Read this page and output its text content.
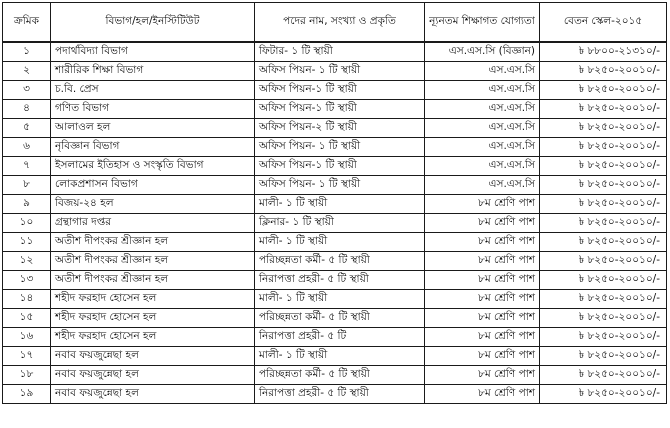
ক্রমিক	বিভাগ/হল/ইনস্টিটিউট	পদের নাম, সংখ্যা ও প্রকৃতি	ন্যূনতম শিক্ষাগত যোগ্যতা	বেতন স্কেল-২০১৫
১	পদার্থবিদ্যা বিভাগ	ফিটার- ১ টি স্থায়ী	এস.এস.সি (বিজ্ঞান)	৳ ৮৮০০-২১৩১০/-
২	শারীরিক শিক্ষা বিভাগ	অফিস পিয়ন- ১ টি স্থায়ী	এস.এস.সি	৳ ৮২৫০-২০০১০/-
৩	চ.বি. প্রেস	অফিস পিয়ন-১ টি স্থায়ী	এস.এস.সি	৳ ৮২৫০-২০০১০/-
৪	গণিত বিভাগ	অফিস পিয়ন-১ টি স্থায়ী	এস.এস.সি	৳ ৮২৫০-২০০১০/-
৫	আলাওল হল	অফিস পিয়ন-২ টি স্থায়ী	এস.এস.সি	৳ ৮২৫০-২০০১০/-
৬	নৃবিজ্ঞান বিভাগ	অফিস পিয়ন- ১ টি স্থায়ী	এস.এস.সি	৳ ৮২৫০-২০০১০/-
৭	ইসলামের ইতিহাস ও সংস্কৃতি বিভাগ	অফিস পিয়ন-১ টি স্থায়ী	এস.এস.সি	৳ ৮২৫০-২০০১০/-
৮	লোকপ্রশাসন বিভাগ	অফিস পিয়ন- ১ টি স্থায়ী	এস.এস.সি	৳ ৮২৫০-২০০১০/-
৯	বিজয়-২৪ হল	মালী- ১ টি স্থায়ী	৮ম শ্রেণি পাশ	৳ ৮২৫০-২০০১০/-
১০	গ্রন্থাগার দপ্তর	ক্লিনার- ১ টি স্থায়ী	৮ম শ্রেণি পাশ	৳ ৮২৫০-২০০১০/-
১১	অতীশ দীপংকর শ্রীজ্ঞান হল	মালী- ১ টি স্থায়ী	৮ম শ্রেণি পাশ	৳ ৮২৫০-২০০১০/-
১২	অতীশ দীপংকর শ্রীজ্ঞান হল	পরিচ্ছন্নতা কর্মী- ৫ টি স্থায়ী	৮ম শ্রেণি পাশ	৳ ৮২৫০-২০০১০/-
১৩	অতীশ দীপংকর শ্রীজ্ঞান হল	নিরাপত্তা প্রহরী- ৫ টি স্থায়ী	৮ম শ্রেণি পাশ	৳ ৮২৫০-২০০১০/-
১৪	শহীদ ফরহাদ হোসেন হল	মালী- ১ টি স্থায়ী	৮ম শ্রেণি পাশ	৳ ৮২৫০-২০০১০/-
১৫	শহীদ ফরহাদ হোসেন হল	পরিচ্ছন্নতা কর্মী- ৫ টি স্থায়ী	৮ম শ্রেণি পাশ	৳ ৮২৫০-২০০১০/-
১৬	শহীদ ফরহাদ হোসেন হল	নিরাপত্তা প্রহরী- ৫ টি	৮ম শ্রেণি পাশ	৳ ৮২৫০-২০০১০/-
১৭	নবাব ফয়জুন্নেছা হল	মালী- ১ টি স্থায়ী	৮ম শ্রেণি পাশ	৳ ৮২৫০-২০০১০/-
১৮	নবাব ফয়জুন্নেছা হল	পরিচ্ছন্নতা কর্মী- ৫ টি স্থায়ী	৮ম শ্রেণি পাশ	৳ ৮২৫০-২০০১০/-
১৯	নবাব ফয়জুন্নেছা হল	নিরাপত্তা প্রহরী- ৫ টি স্থায়ী	৮ম শ্রেণি পাশ	৳ ৮২৫০-২০০১০/-
